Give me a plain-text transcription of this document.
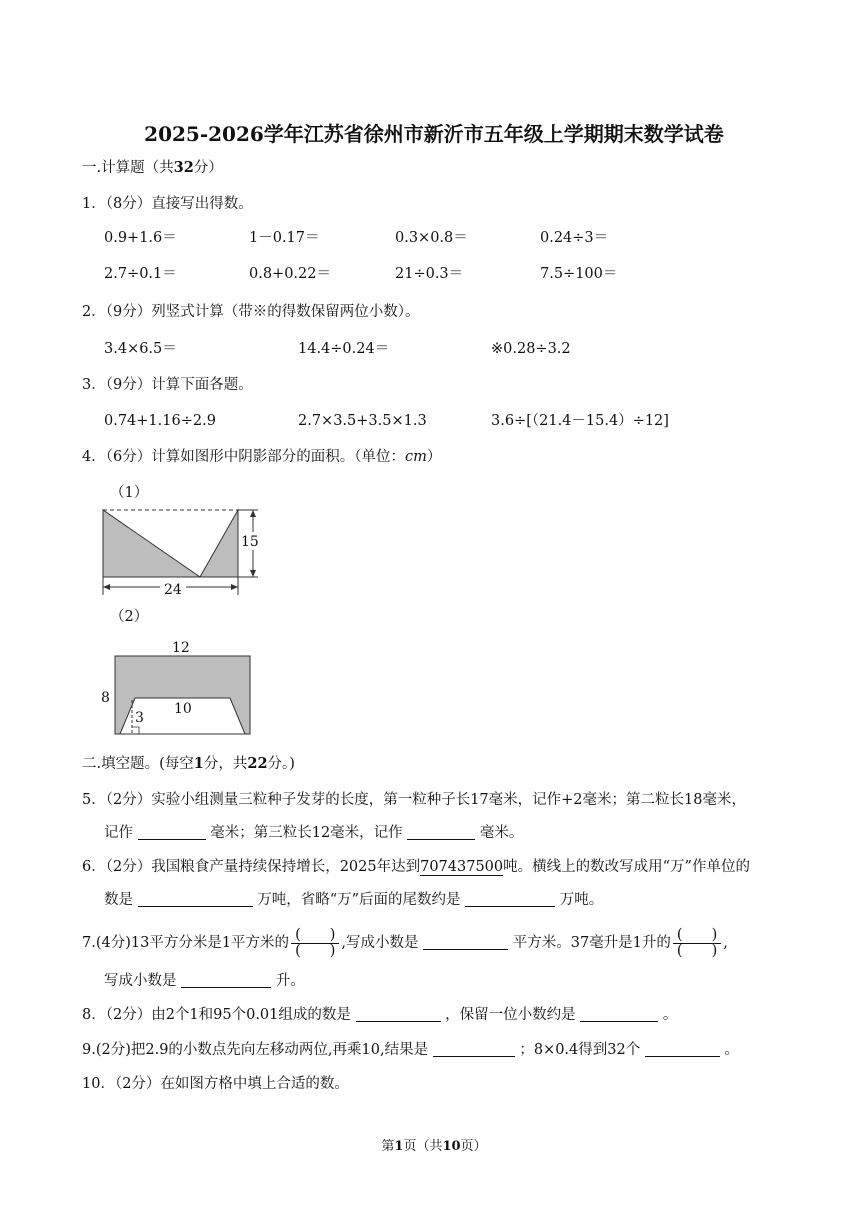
2025-2026学年江苏省徐州市新沂市五年级上学期期末数学试卷
一.计算题（共32分）
1．（8分）直接写出得数。
0.9+1.6＝	1－0.17＝	0.3×0.8＝	0.24÷3＝
2.7÷0.1＝	0.8+0.22＝	21÷0.3＝	7.5÷100＝
2．（9分）列竖式计算（带※的得数保留两位小数）。
3.4×6.5＝	14.4÷0.24＝	※0.28÷3.2
3．（9分）计算下面各题。
0.74+1.16÷2.9	2.7×3.5+3.5×1.3	3.6÷[（21.4－15.4）÷12]
4．（6分）计算如图形中阴影部分的面积。（单位：cm）
（1）
15
24
（2）
12
8
10
3
二.填空题。(每空1分，共22分。)
5．（2分）实验小组测量三粒种子发芽的长度，第一粒种子长17毫米，记作+2毫米；第二粒长18毫米，
记作	毫米；第三粒长12毫米，记作	毫米。
6．（2分）我国粮食产量持续保持增长，2025年达到707437500吨。横线上的数改写成用“万”作单位的
数是	万吨，省略“万”后面的尾数约是	万吨。
7.(4分)13平方分米是1平方米的 $\frac{( )}{( )}$ ,写成小数是	平方米。37毫升是1升的 $\frac{( )}{( )}$ ,
写成小数是	升。
8．（2分）由2个1和95个0.01组成的数是	，保留一位小数约是	。
9.(2分)把2.9的小数点先向左移动两位,再乘10,结果是	；8×0.4得到32个	。
10．（2分）在如图方格中填上合适的数。
第1页（共10页）
